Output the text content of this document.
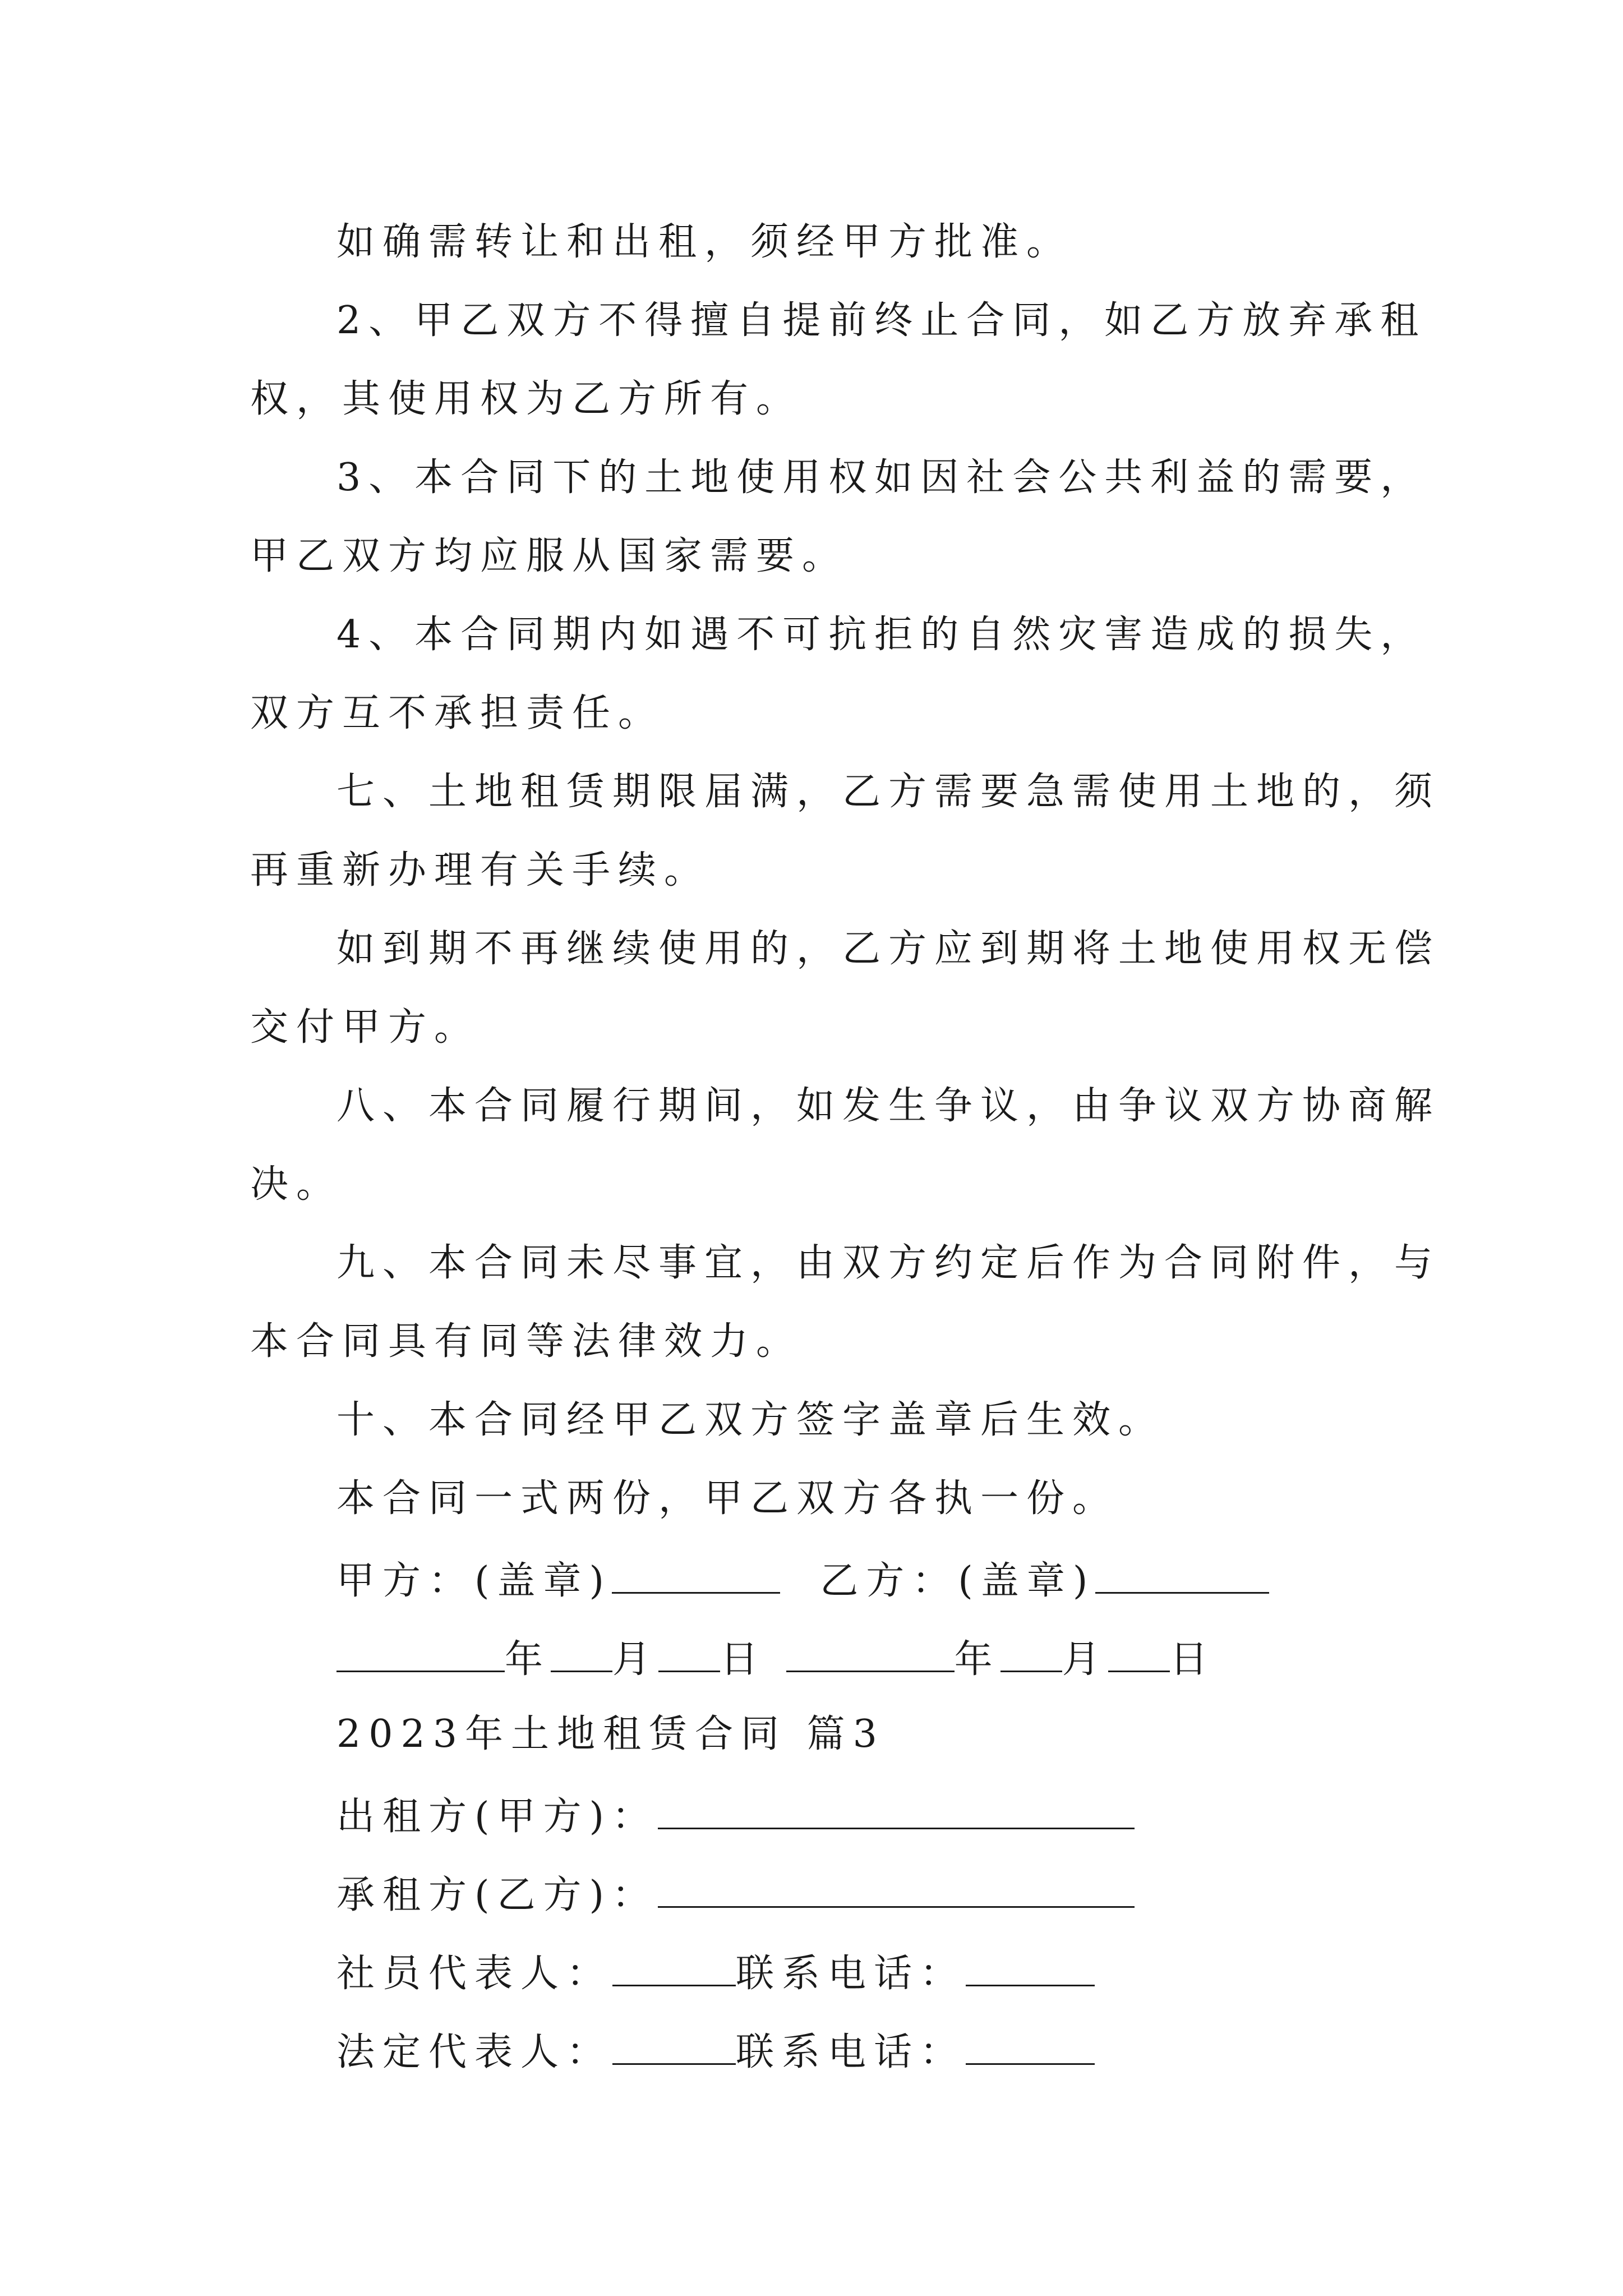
如确需转让和出租，须经甲方批准。
2、甲乙双方不得擅自提前终止合同，如乙方放弃承租
权，其使用权为乙方所有。
3、本合同下的土地使用权如因社会公共利益的需要，
甲乙双方均应服从国家需要。
4、本合同期内如遇不可抗拒的自然灾害造成的损失，
双方互不承担责任。
七、土地租赁期限届满，乙方需要急需使用土地的，须
再重新办理有关手续。
如到期不再继续使用的，乙方应到期将土地使用权无偿
交付甲方。
八、本合同履行期间，如发生争议，由争议双方协商解
决。
九、本合同未尽事宜，由双方约定后作为合同附件，与
本合同具有同等法律效力。
十、本合同经甲乙双方签字盖章后生效。
本合同一式两份，甲乙双方各执一份。
甲方：(盖章)	乙方：(盖章)
年 月 日	年 月 日
2023年土地租赁合同 篇3
出租方(甲方)：
承租方(乙方)：
社员代表人：	联系电话：
法定代表人：	联系电话：
